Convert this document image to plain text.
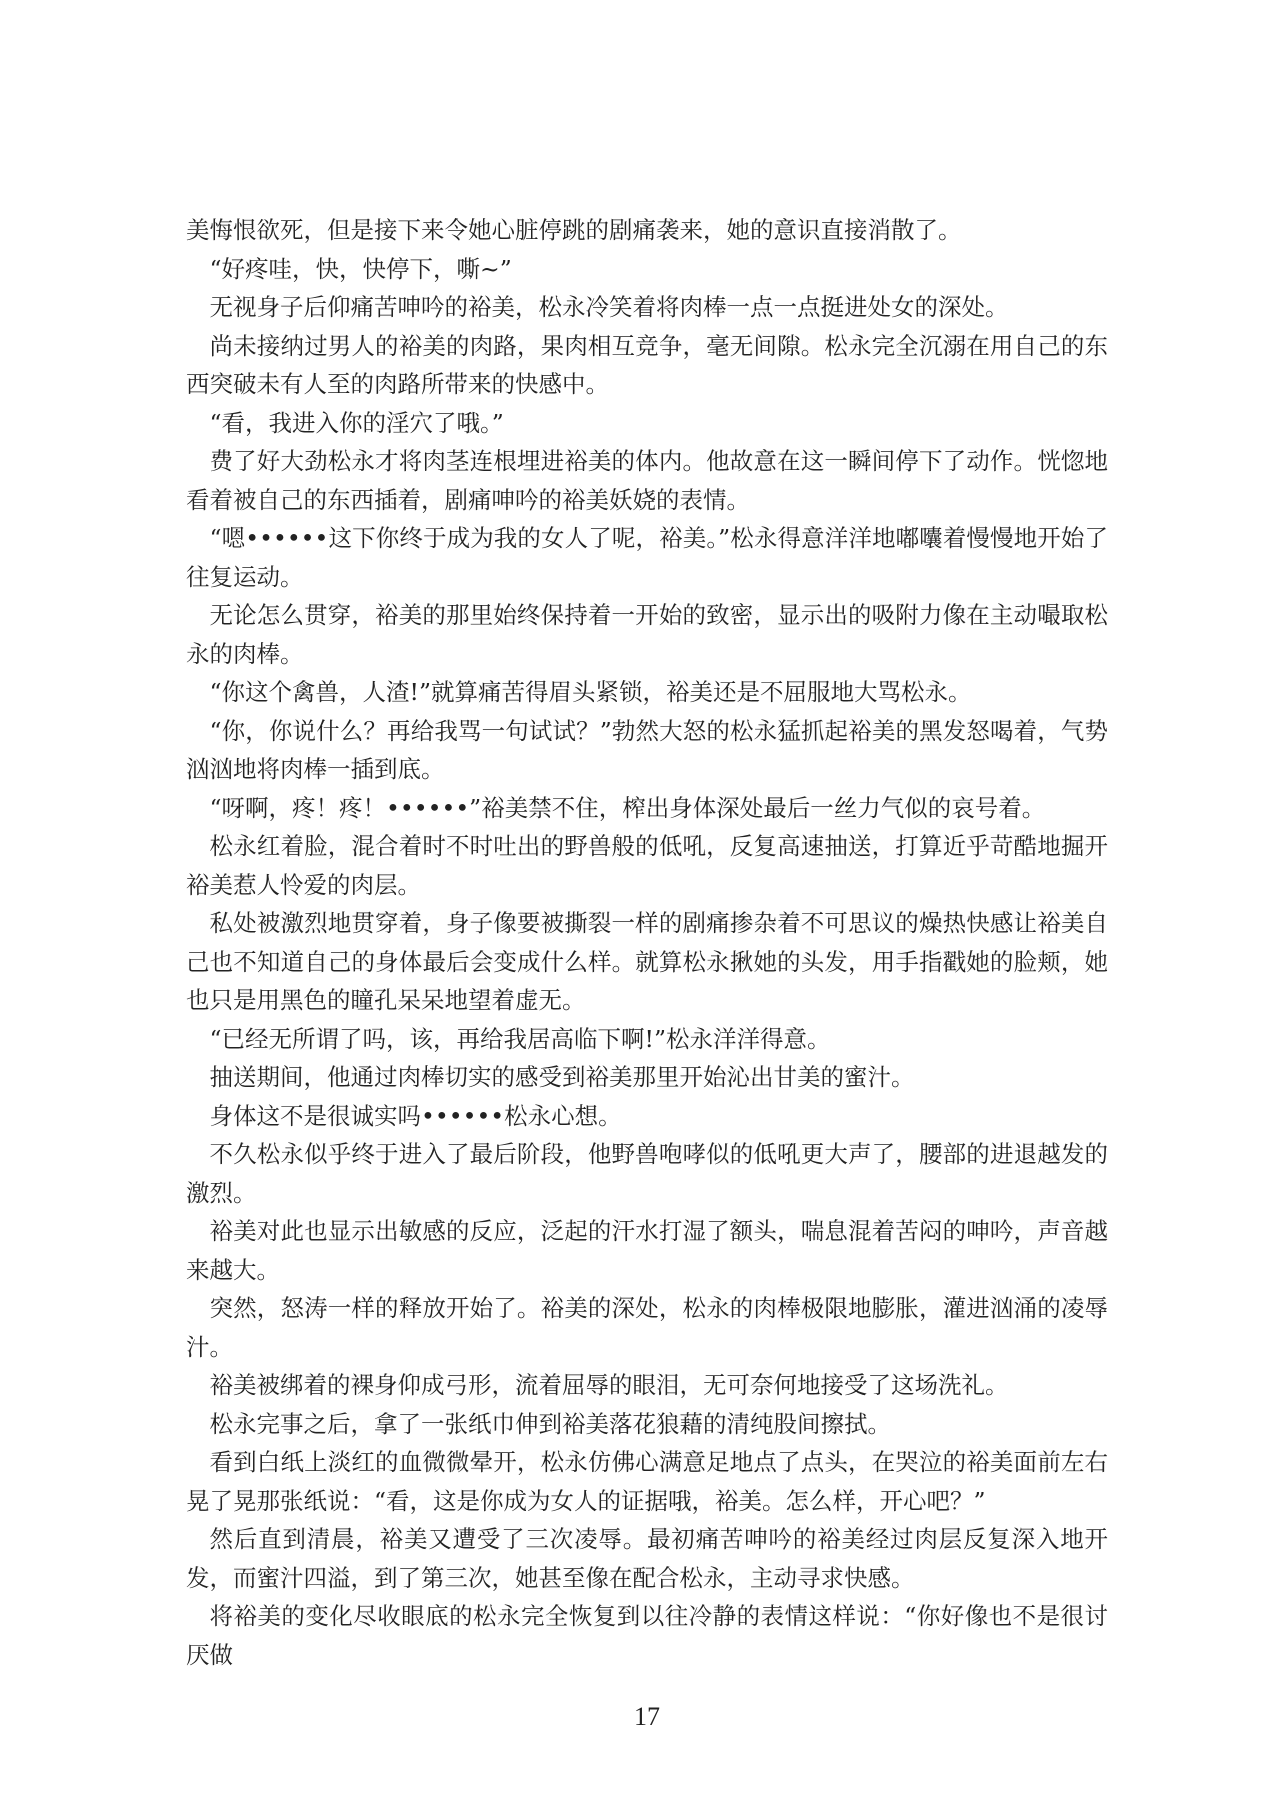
美悔恨欲死，但是接下来令她心脏停跳的剧痛袭来，她的意识直接消散了。

“好疼哇，快，快停下，嘶~”

无视身子后仰痛苦呻吟的裕美，松永冷笑着将肉棒一点一点挺进处女的深处。

尚未接纳过男人的裕美的肉路，果肉相互竞争，毫无间隙。松永完全沉溺在用自己的东西突破未有人至的肉路所带来的快感中。

“看，我进入你的淫穴了哦。”

费了好大劲松永才将肉茎连根埋进裕美的体内。他故意在这一瞬间停下了动作。恍惚地看着被自己的东西插着，剧痛呻吟的裕美妖娆的表情。

“嗯••••••这下你终于成为我的女人了呢，裕美。”松永得意洋洋地嘟囔着慢慢地开始了往复运动。

无论怎么贯穿，裕美的那里始终保持着一开始的致密，显示出的吸附力像在主动嘬取松永的肉棒。

“你这个禽兽，人渣!”就算痛苦得眉头紧锁，裕美还是不屈服地大骂松永。

“你，你说什么？再给我骂一句试试？”勃然大怒的松永猛抓起裕美的黑发怒喝着，气势汹汹地将肉棒一插到底。

“呀啊，疼！疼！••••••”裕美禁不住，榨出身体深处最后一丝力气似的哀号着。

松永红着脸，混合着时不时吐出的野兽般的低吼，反复高速抽送，打算近乎苛酷地掘开裕美惹人怜爱的肉层。

私处被激烈地贯穿着，身子像要被撕裂一样的剧痛掺杂着不可思议的燥热快感让裕美自己也不知道自己的身体最后会变成什么样。就算松永揪她的头发，用手指戳她的脸颊，她也只是用黑色的瞳孔呆呆地望着虚无。

“已经无所谓了吗，该，再给我居高临下啊!”松永洋洋得意。

抽送期间，他通过肉棒切实的感受到裕美那里开始沁出甘美的蜜汁。

身体这不是很诚实吗••••••松永心想。

不久松永似乎终于进入了最后阶段，他野兽咆哮似的低吼更大声了，腰部的进退越发的激烈。

裕美对此也显示出敏感的反应，泛起的汗水打湿了额头，喘息混着苦闷的呻吟，声音越来越大。

突然，怒涛一样的释放开始了。裕美的深处，松永的肉棒极限地膨胀，灌进汹涌的凌辱汁。

裕美被绑着的裸身仰成弓形，流着屈辱的眼泪，无可奈何地接受了这场洗礼。

松永完事之后，拿了一张纸巾伸到裕美落花狼藉的清纯股间擦拭。

看到白纸上淡红的血微微晕开，松永仿佛心满意足地点了点头，在哭泣的裕美面前左右晃了晃那张纸说：“看，这是你成为女人的证据哦，裕美。怎么样，开心吧？”

然后直到清晨，裕美又遭受了三次凌辱。最初痛苦呻吟的裕美经过肉层反复深入地开发，而蜜汁四溢，到了第三次，她甚至像在配合松永，主动寻求快感。

将裕美的变化尽收眼底的松永完全恢复到以往冷静的表情这样说：“你好像也不是很讨厌做

17
